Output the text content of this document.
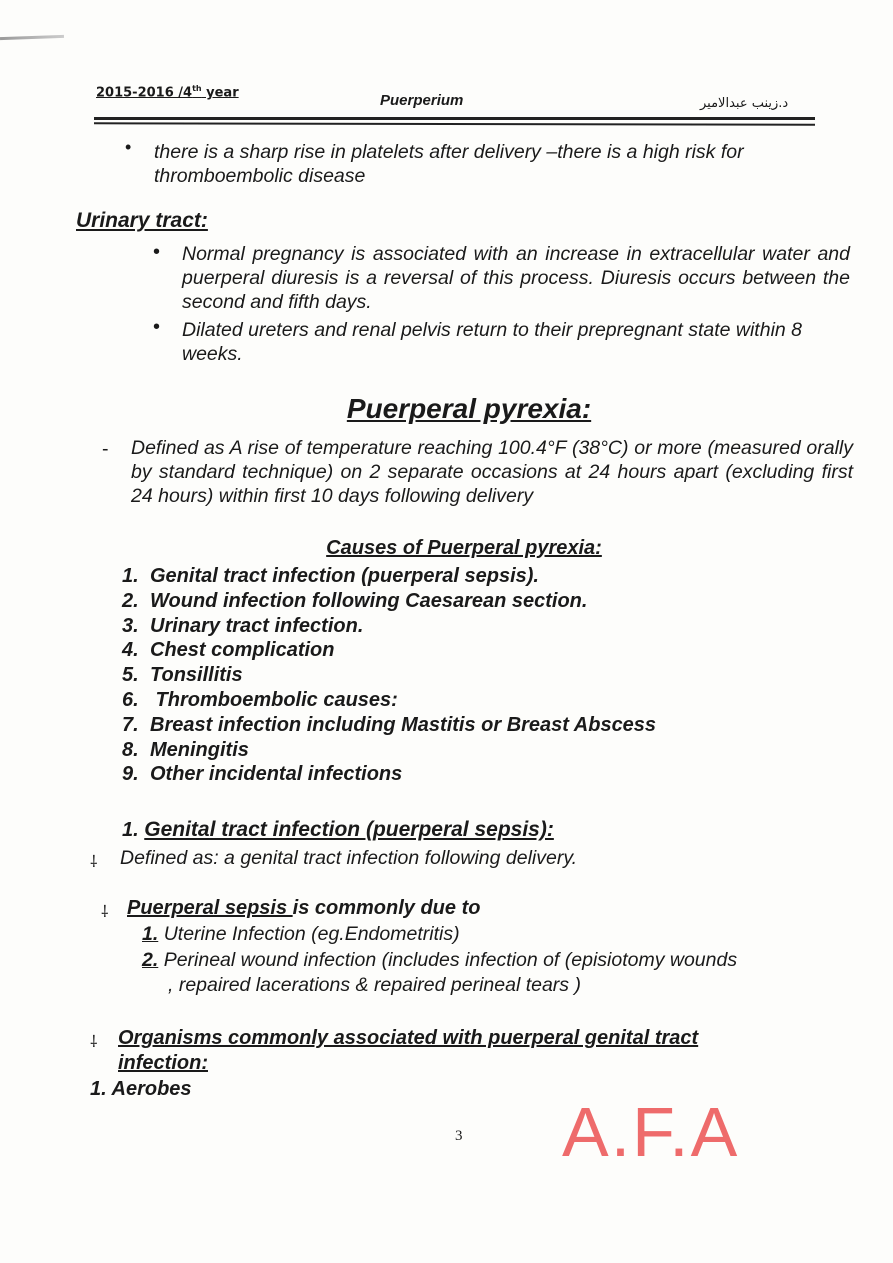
2015-2016 /4th year	Puerperium	د.زينب عبدالامير
• there is a sharp rise in platelets after delivery –there is a high risk for thromboembolic disease
Urinary tract:
• Normal pregnancy is associated with an increase in extracellular water and puerperal diuresis is a reversal of this process. Diuresis occurs between the second and fifth days.
• Dilated ureters and renal pelvis return to their prepregnant state within 8 weeks.
Puerperal pyrexia:
- Defined as A rise of temperature reaching 100.4°F (38°C) or more (measured orally by standard technique) on 2 separate occasions at 24 hours apart (excluding first 24 hours) within first 10 days following delivery
Causes of Puerperal pyrexia:
1. Genital tract infection (puerperal sepsis).
2. Wound infection following Caesarean section.
3. Urinary tract infection.
4. Chest complication
5. Tonsillitis
6. Thromboembolic causes:
7. Breast infection including Mastitis or Breast Abscess
8. Meningitis
9. Other incidental infections
1. Genital tract infection (puerperal sepsis):
⸸ Defined as: a genital tract infection following delivery.
⸸ Puerperal sepsis is commonly due to
1. Uterine Infection (eg.Endometritis)
2. Perineal wound infection (includes infection of (episiotomy wounds
, repaired lacerations & repaired perineal tears )
⸸ Organisms commonly associated with puerperal genital tract
infection:
1. Aerobes
3 A.F.A
